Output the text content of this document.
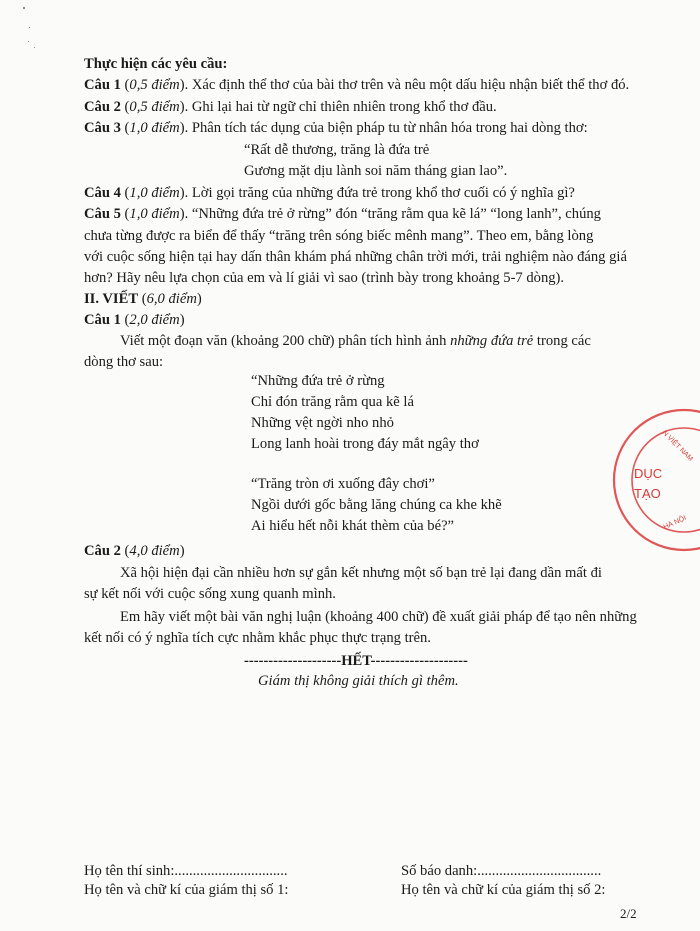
Thực hiện các yêu cầu:
Câu 1 (0,5 điểm). Xác định thể thơ của bài thơ trên và nêu một dấu hiệu nhận biết thể thơ đó.
Câu 2 (0,5 điểm). Ghi lại hai từ ngữ chỉ thiên nhiên trong khổ thơ đầu.
Câu 3 (1,0 điểm). Phân tích tác dụng của biện pháp tu từ nhân hóa trong hai dòng thơ:
“Rất dễ thương, trăng là đứa trẻ
Gương mặt dịu lành soi năm tháng gian lao”.
Câu 4 (1,0 điểm). Lời gọi trăng của những đứa trẻ trong khổ thơ cuối có ý nghĩa gì?
Câu 5 (1,0 điểm). “Những đứa trẻ ở rừng” đón “trăng rằm qua kẽ lá” “long lanh”, chúng
chưa từng được ra biển để thấy “trăng trên sóng biếc mênh mang”. Theo em, bằng lòng
với cuộc sống hiện tại hay dấn thân khám phá những chân trời mới, trải nghiệm nào đáng giá
hơn? Hãy nêu lựa chọn của em và lí giải vì sao (trình bày trong khoảng 5-7 dòng).
II. VIẾT (6,0 điểm)
Câu 1 (2,0 điểm)
Viết một đoạn văn (khoảng 200 chữ) phân tích hình ảnh những đứa trẻ trong các
dòng thơ sau:
“Những đứa trẻ ở rừng
Chỉ đón trăng rằm qua kẽ lá
Những vệt ngời nho nhỏ
Long lanh hoài trong đáy mắt ngây thơ
“Trăng tròn ơi xuống đây chơi”
Ngồi dưới gốc bằng lăng chúng ca khe khẽ
Ai hiểu hết nỗi khát thèm của bé?”
DỤC
TẠO
N VIỆT NAM
HÀ NỘI
Câu 2 (4,0 điểm)
Xã hội hiện đại cần nhiều hơn sự gắn kết nhưng một số bạn trẻ lại đang dần mất đi
sự kết nối với cuộc sống xung quanh mình.
Em hãy viết một bài văn nghị luận (khoảng 400 chữ) đề xuất giải pháp để tạo nên những
kết nối có ý nghĩa tích cực nhằm khắc phục thực trạng trên.
--------------------HẾT--------------------
Giám thị không giải thích gì thêm.
Họ tên thí sinh:...............................	Số báo danh:..................................
Họ tên và chữ kí của giám thị số 1:	Họ tên và chữ kí của giám thị số 2:
2/2
